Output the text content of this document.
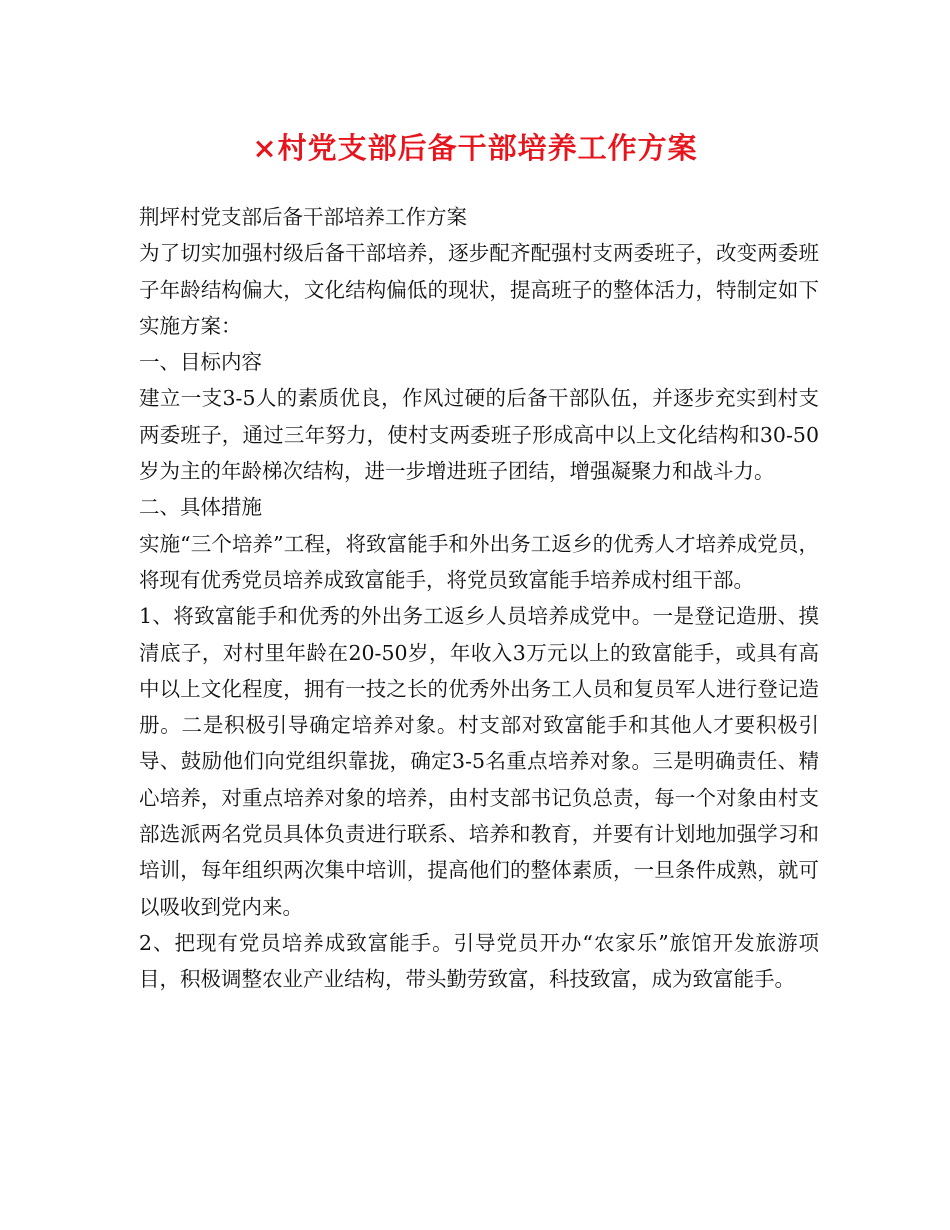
×村党支部后备干部培养工作方案

荆坪村党支部后备干部培养工作方案

为了切实加强村级后备干部培养，逐步配齐配强村支两委班子，改变两委班子年龄结构偏大，文化结构偏低的现状，提高班子的整体活力，特制定如下实施方案：

一、目标内容

建立一支3-5人的素质优良，作风过硬的后备干部队伍，并逐步充实到村支两委班子，通过三年努力，使村支两委班子形成高中以上文化结构和30-50岁为主的年龄梯次结构，进一步增进班子团结，增强凝聚力和战斗力。

二、具体措施

实施“三个培养”工程，将致富能手和外出务工返乡的优秀人才培养成党员，将现有优秀党员培养成致富能手，将党员致富能手培养成村组干部。

1、将致富能手和优秀的外出务工返乡人员培养成党中。一是登记造册、摸清底子，对村里年龄在20-50岁，年收入3万元以上的致富能手，或具有高中以上文化程度，拥有一技之长的优秀外出务工人员和复员军人进行登记造册。二是积极引导确定培养对象。村支部对致富能手和其他人才要积极引导、鼓励他们向党组织靠拢，确定3-5名重点培养对象。三是明确责任、精心培养，对重点培养对象的培养，由村支部书记负总责，每一个对象由村支部选派两名党员具体负责进行联系、培养和教育，并要有计划地加强学习和培训，每年组织两次集中培训，提高他们的整体素质，一旦条件成熟，就可以吸收到党内来。

2、把现有党员培养成致富能手。引导党员开办“农家乐”旅馆开发旅游项目，积极调整农业产业结构，带头勤劳致富，科技致富，成为致富能手。
